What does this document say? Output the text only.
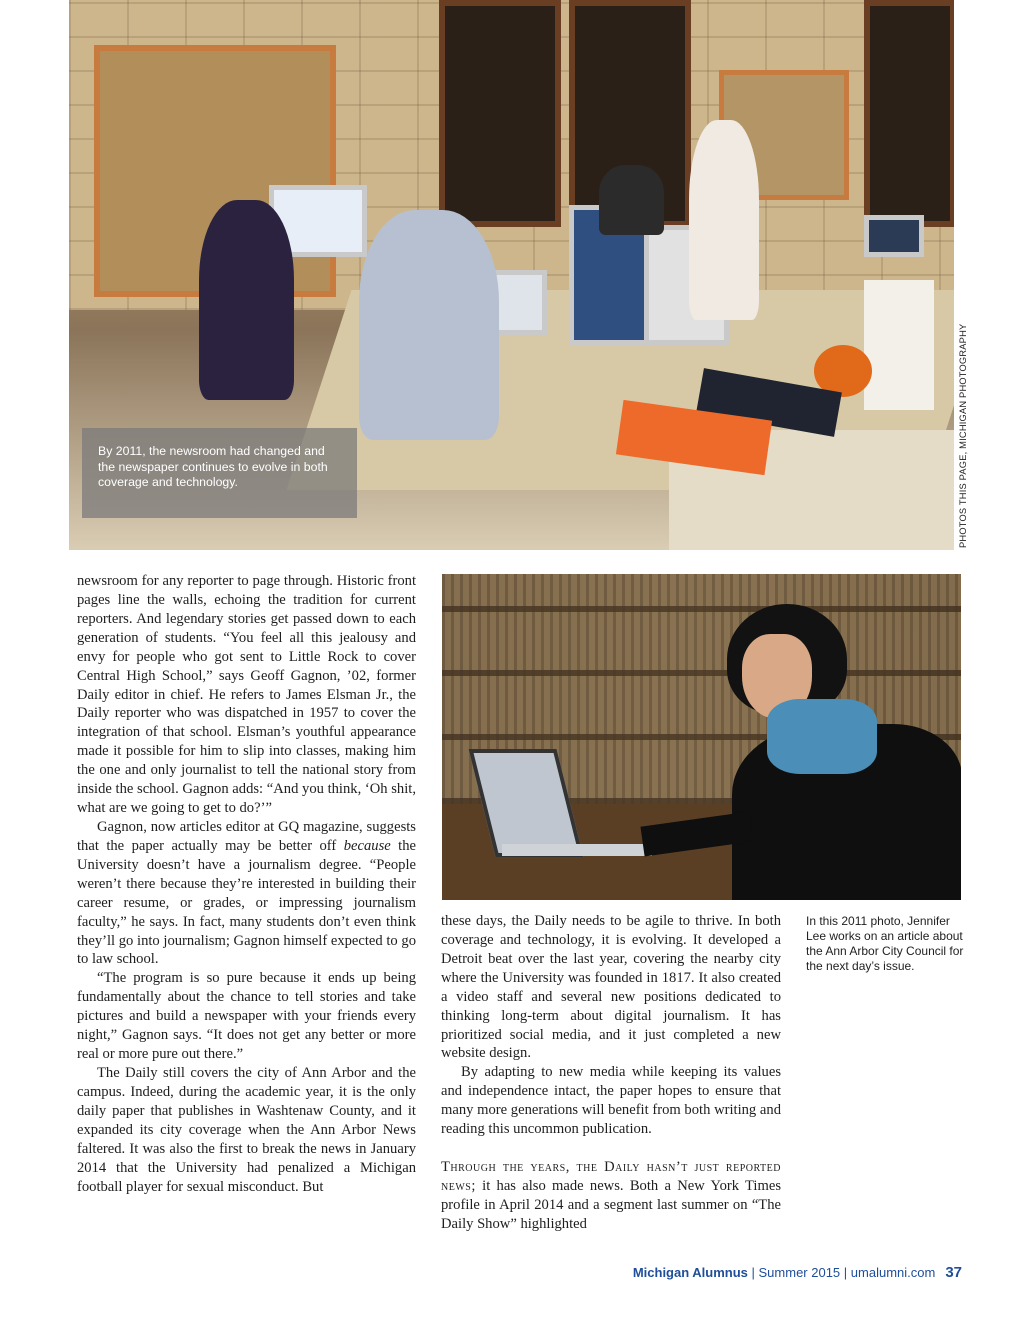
By 2011, the newsroom had changed and the newspaper continues to evolve in both coverage and technology.	PHOTOS THIS PAGE, MICHIGAN PHOTOGRAPHY

newsroom for any reporter to page through. Historic front pages line the walls, echoing the tradition for current reporters. And legendary stories get passed down to each generation of students. “You feel all this jealousy and envy for people who got sent to Little Rock to cover Central High School,” says Geoff Gagnon, ’02, former Daily editor in chief. He refers to James Elsman Jr., the Daily reporter who was dispatched in 1957 to cover the integration of that school. Elsman’s youthful appearance made it possible for him to slip into classes, making him the one and only journalist to tell the national story from inside the school. Gagnon adds: “And you think, ‘Oh shit, what are we going to get to do?’”

Gagnon, now articles editor at GQ magazine, suggests that the paper actually may be better off because the University doesn’t have a journalism degree. “People weren’t there because they’re interested in building their career resume, or grades, or impressing journalism faculty,” he says. In fact, many students don’t even think they’ll go into journalism; Gagnon himself expected to go to law school.

“The program is so pure because it ends up being fundamentally about the chance to tell stories and take pictures and build a newspaper with your friends every night,” Gagnon says. “It does not get any better or more real or more pure out there.”

The Daily still covers the city of Ann Arbor and the campus. Indeed, during the academic year, it is the only daily paper that publishes in Washtenaw County, and it expanded its city coverage when the Ann Arbor News faltered. It was also the first to break the news in January 2014 that the University had penalized a Michigan football player for sexual misconduct. But

In this 2011 photo, Jennifer Lee works on an article about the Ann Arbor City Council for the next day’s issue.

these days, the Daily needs to be agile to thrive. In both coverage and technology, it is evolving. It developed a Detroit beat over the last year, covering the nearby city where the University was founded in 1817. It also created a video staff and several new positions dedicated to thinking long-term about digital journalism. It has prioritized social media, and it just completed a new website design.

By adapting to new media while keeping its values and independence intact, the paper hopes to ensure that many more generations will benefit from both writing and reading this uncommon publication.

Through the years, the Daily hasn’t just reported news; it has also made news. Both a New York Times profile in April 2014 and a segment last summer on “The Daily Show” highlighted

Michigan Alumnus | Summer 2015 | umalumni.com 37
